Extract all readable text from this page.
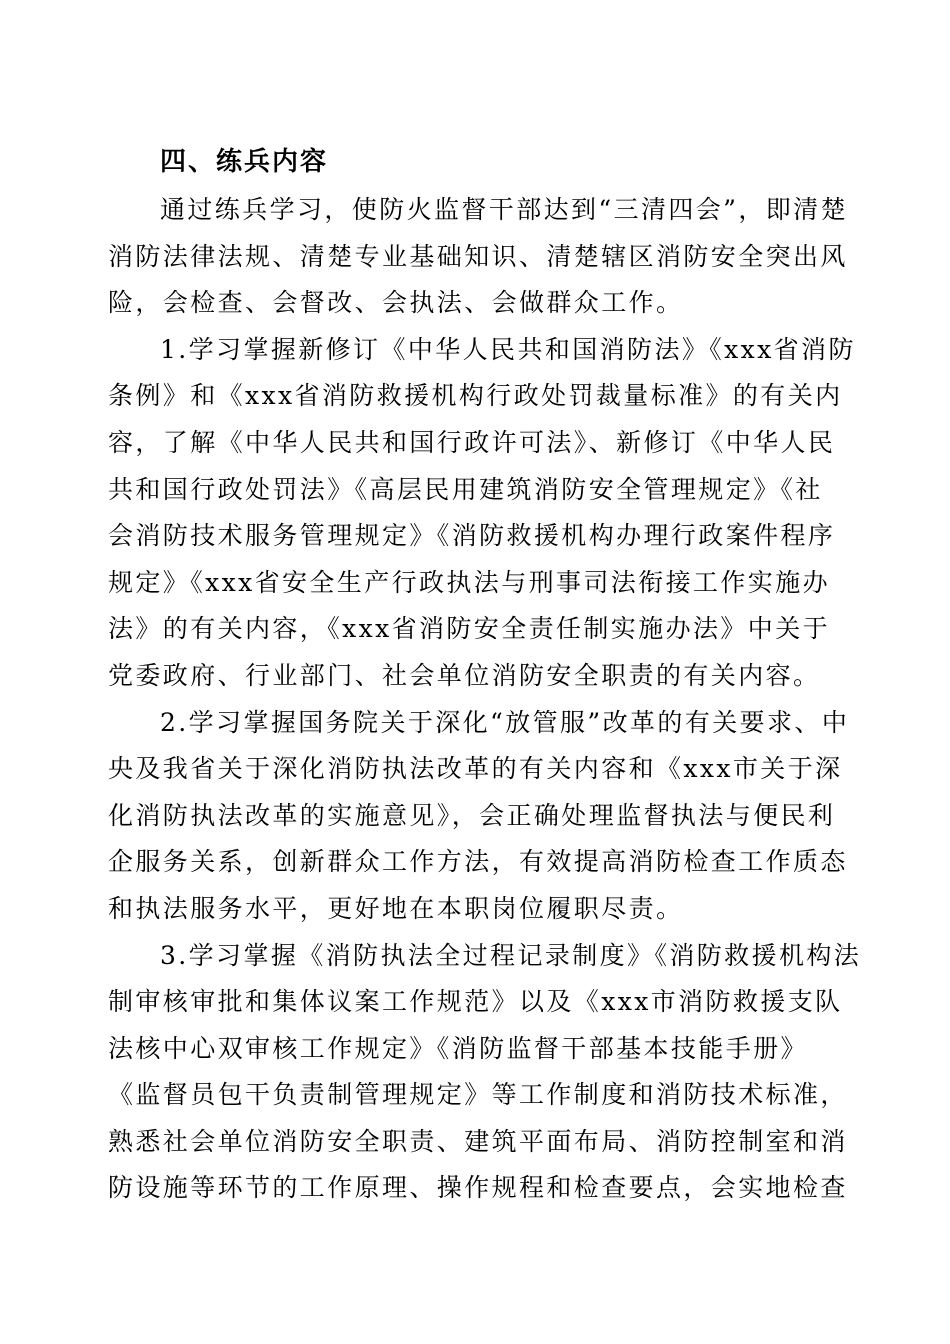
四、练兵内容
通过练兵学习，使防火监督干部达到“三清四会”，即清楚
消防法律法规、清楚专业基础知识、清楚辖区消防安全突出风
险，会检查、会督改、会执法、会做群众工作。
1.学习掌握新修订《中华人民共和国消防法》《xxx省消防
条例》和《xxx省消防救援机构行政处罚裁量标准》的有关内
容，了解《中华人民共和国行政许可法》、新修订《中华人民
共和国行政处罚法》《高层民用建筑消防安全管理规定》《社
会消防技术服务管理规定》《消防救援机构办理行政案件程序
规定》《xxx省安全生产行政执法与刑事司法衔接工作实施办
法》的有关内容，《xxx省消防安全责任制实施办法》中关于
党委政府、行业部门、社会单位消防安全职责的有关内容。
2.学习掌握国务院关于深化“放管服”改革的有关要求、中
央及我省关于深化消防执法改革的有关内容和《xxx市关于深
化消防执法改革的实施意见》，会正确处理监督执法与便民利
企服务关系，创新群众工作方法，有效提高消防检查工作质态
和执法服务水平，更好地在本职岗位履职尽责。
3.学习掌握《消防执法全过程记录制度》《消防救援机构法
制审核审批和集体议案工作规范》以及《xxx市消防救援支队
法核中心双审核工作规定》《消防监督干部基本技能手册》
《监督员包干负责制管理规定》等工作制度和消防技术标准，
熟悉社会单位消防安全职责、建筑平面布局、消防控制室和消
防设施等环节的工作原理、操作规程和检查要点，会实地检查
